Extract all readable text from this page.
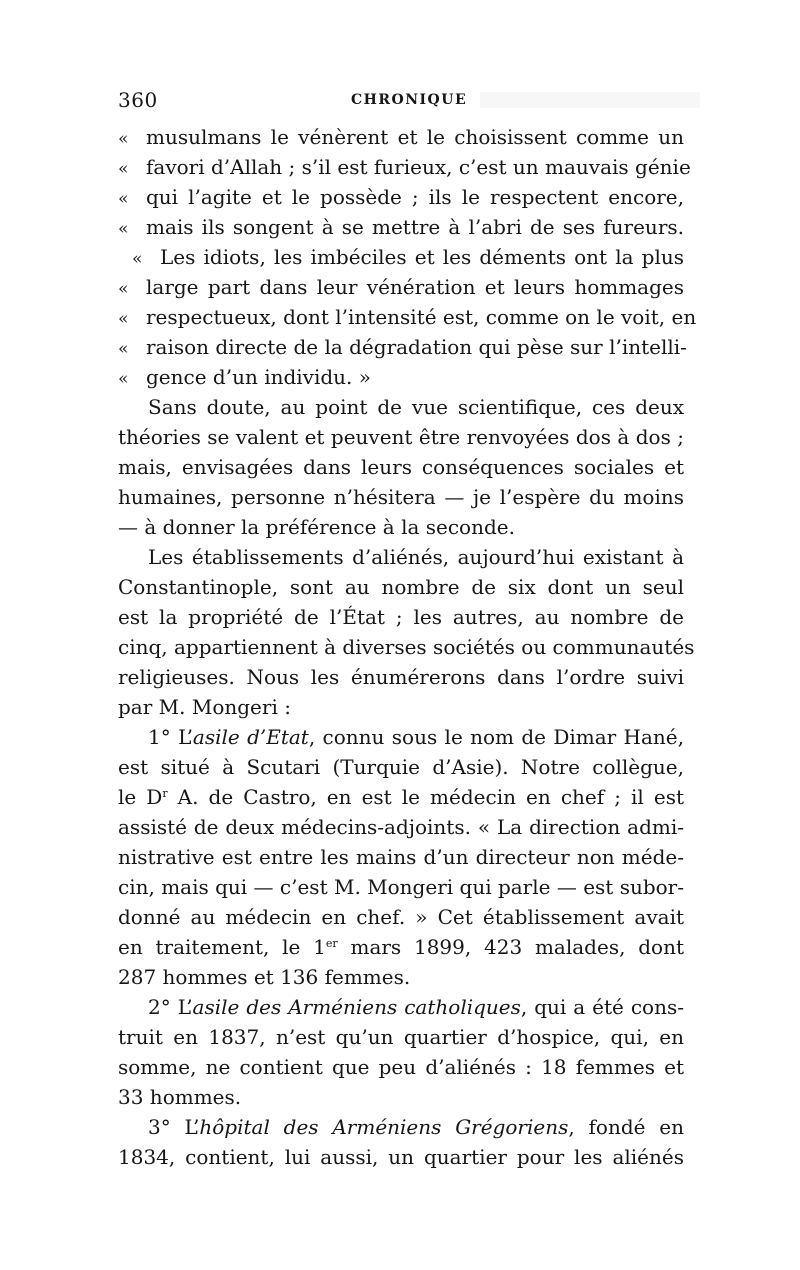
360	CHRONIQUE
« musulmans le vénèrent et le choisissent comme un
« favori d’Allah ; s’il est furieux, c’est un mauvais génie
« qui l’agite et le possède ; ils le respectent encore,
« mais ils songent à se mettre à l’abri de ses fureurs.
« Les idiots, les imbéciles et les déments ont la plus
« large part dans leur vénération et leurs hommages
« respectueux, dont l’intensité est, comme on le voit, en
« raison directe de la dégradation qui pèse sur l’intelli-
« gence d’un individu. »
Sans doute, au point de vue scientifique, ces deux
théories se valent et peuvent être renvoyées dos à dos ;
mais, envisagées dans leurs conséquences sociales et
humaines, personne n’hésitera — je l’espère du moins
— à donner la préférence à la seconde.
Les établissements d’aliénés, aujourd’hui existant à
Constantinople, sont au nombre de six dont un seul
est la propriété de l’État ; les autres, au nombre de
cinq, appartiennent à diverses sociétés ou communautés
religieuses. Nous les énumérerons dans l’ordre suivi
par M. Mongeri :
1° L’asile d’Etat, connu sous le nom de Dimar Hané,
est situé à Scutari (Turquie d’Asie). Notre collègue,
le $D^r$ A. de Castro, en est le médecin en chef ; il est
assisté de deux médecins-adjoints. « La direction admi-
nistrative est entre les mains d’un directeur non méde-
cin, mais qui — c’est M. Mongeri qui parle — est subor-
donné au médecin en chef. » Cet établissement avait
en traitement, le 1er mars 1899, 423 malades, dont
287 hommes et 136 femmes.
2° L’asile des Arméniens catholiques, qui a été cons-
truit en 1837, n’est qu’un quartier d’hospice, qui, en
somme, ne contient que peu d’aliénés : 18 femmes et
33 hommes.
3° L’hôpital des Arméniens Grégoriens, fondé en
1834, contient, lui aussi, un quartier pour les aliénés
